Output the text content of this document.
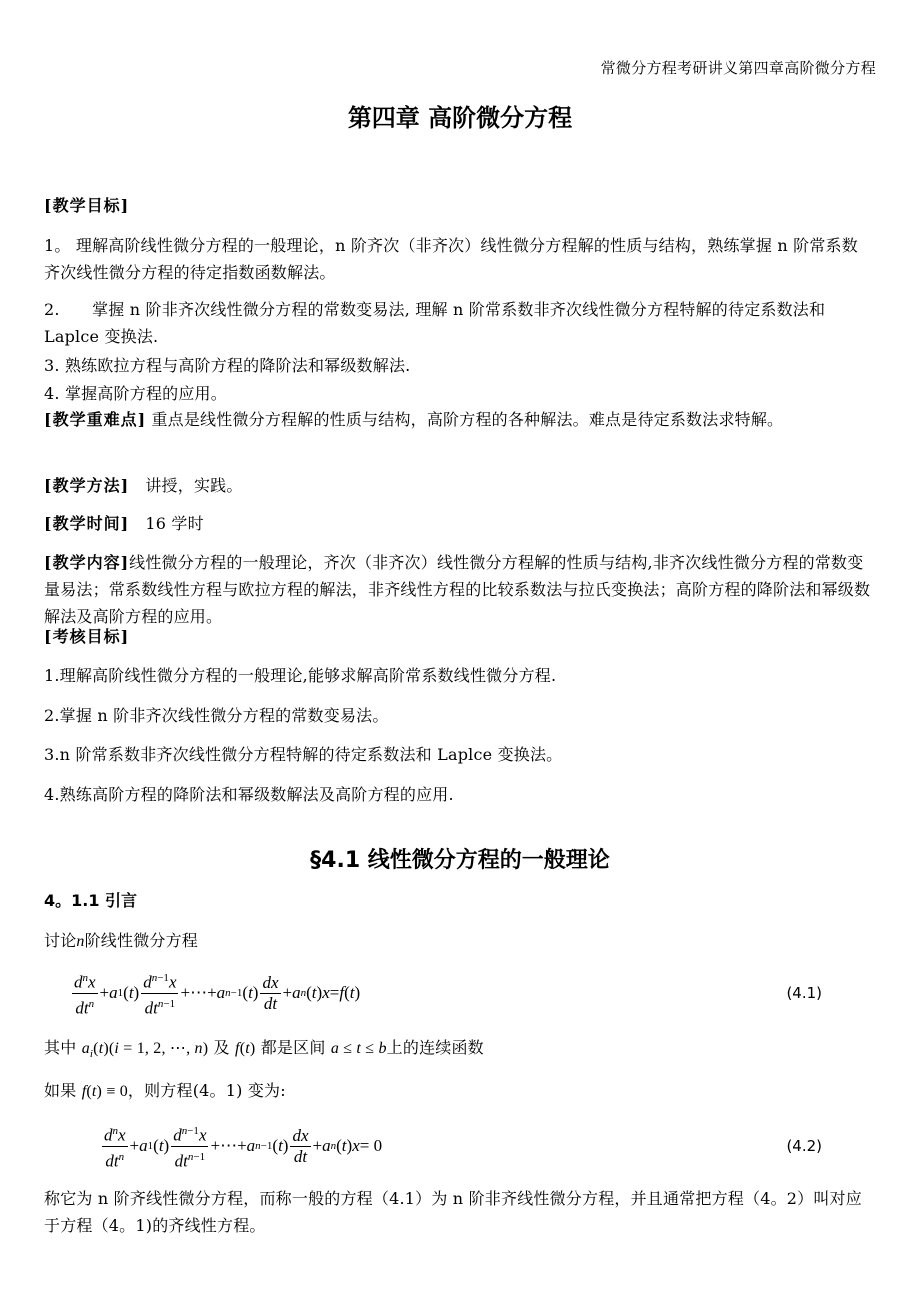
常微分方程考研讲义第四章高阶微分方程
第四章 高阶微分方程
[教学目标]
1。 理解高阶线性微分方程的一般理论，n 阶齐次（非齐次）线性微分方程解的性质与结构，熟练掌握 n 阶常系数齐次线性微分方程的待定指数函数解法。
2.　　掌握 n 阶非齐次线性微分方程的常数变易法, 理解 n 阶常系数非齐次线性微分方程特解的待定系数法和 Laplce 变换法.
3. 熟练欧拉方程与高阶方程的降阶法和幂级数解法.
4. 掌握高阶方程的应用。
[教学重难点] 重点是线性微分方程解的性质与结构，高阶方程的各种解法。难点是待定系数法求特解。
[教学方法]　讲授，实践。
[教学时间]　16 学时
[教学内容]线性微分方程的一般理论，齐次（非齐次）线性微分方程解的性质与结构,非齐次线性微分方程的常数变量易法；常系数线性方程与欧拉方程的解法，非齐线性方程的比较系数法与拉氏变换法；高阶方程的降阶法和幂级数解法及高阶方程的应用。
[考核目标]
1.理解高阶线性微分方程的一般理论,能够求解高阶常系数线性微分方程.
2.掌握 n 阶非齐次线性微分方程的常数变易法。
3.n 阶常系数非齐次线性微分方程特解的待定系数法和 Laplce 变换法。
4.熟练高阶方程的降阶法和幂级数解法及高阶方程的应用.
§4.1 线性微分方程的一般理论
4。1.1 引言
讨论n阶线性微分方程
$\frac{d^nx}{dt^n} + a$ 1 ( t ) $\frac{d^{n-1}x}{dt^{n-1}}$ +⋯+ a n−1 ( t ) $\frac{dx}{dt} + a$ n ( t ) x = f ( t )	(4.1)
其中 $a_i(t)(i = 1$, 2, ⋯, n) 及 f(t) 都是区间 a ≤ t ≤ b上的连续函数
如果 f(t) ≡ 0，则方程(4。1) 变为:
$\frac{d^nx}{dt^n} + a$ 1 ( t ) $\frac{d^{n-1}x}{dt^{n-1}}$ +⋯+ a n−1 ( t ) $\frac{dx}{dt} + a$ n ( t ) x = 0	(4.2)
称它为 n 阶齐线性微分方程，而称一般的方程（4.1）为 n 阶非齐线性微分方程，并且通常把方程（4。2）叫对应于方程（4。1)的齐线性方程。
